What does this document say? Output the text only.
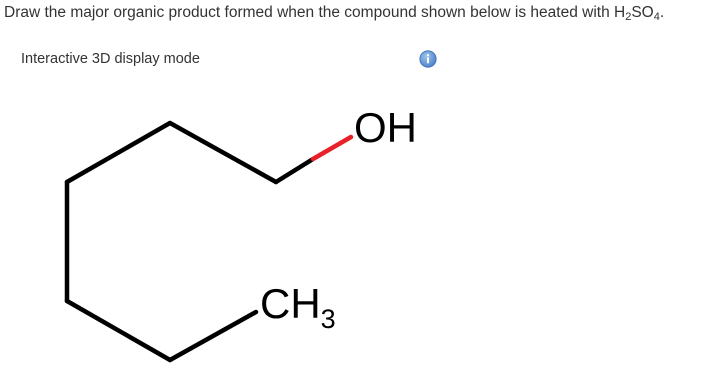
Draw the major organic product formed when the compound shown below is heated with $H_2SO_4$.
Interactive 3D display mode
OH
$CH_3$
